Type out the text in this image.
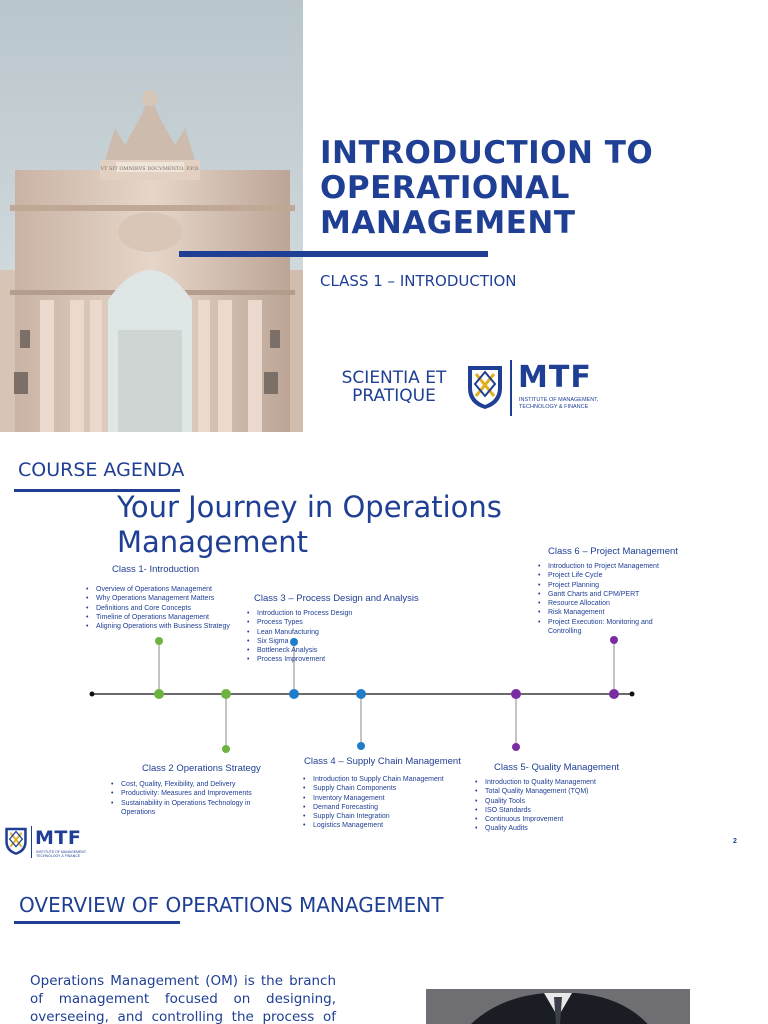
VT SIT OMNIBVS DOCVMENTO. P.P.D.	INTRODUCTION TO OPERATIONAL MANAGEMENT
CLASS 1 – INTRODUCTION
SCIENTIA ET PRATIQUE
MTF
INSTITUTE OF MANAGEMENT, TECHNOLOGY & FINANCE
COURSE AGENDA
Your Journey in Operations Management
Class 1- Introduction
• Overview of Operations Management
• Why Operations Management Matters
• Definitions and Core Concepts
• Timeline of Operations Management
• Aligning Operations with Business Strategy
Class 3 – Process Design and Analysis
• Introduction to Process Design
• Process Types
• Lean Manufacturing
• Six Sigma
• Bottleneck Analysis
• Process Improvement
Class 6 – Project Management
• Introduction to Project Management
• Project Life Cycle
• Project Planning
• Gantt Charts and CPM/PERT
• Resource Allocation
• Risk Management
• Project Execution: Monitoring and Controlling
Class 2 Operations Strategy
• Cost, Quality, Flexibility, and Delivery
• Productivity: Measures and Improvements
• Sustainability in Operations Technology in Operations
Class 4 – Supply Chain Management
• Introduction to Supply Chain Management
• Supply Chain Components
• Inventory Management
• Demand Forecasting
• Supply Chain Integration
• Logistics Management
Class 5- Quality Management
• Introduction to Quality Management
• Total Quality Management (TQM)
• Quality Tools
• ISO Standards
• Continuous Improvement
• Quality Audits
MTF
INSTITUTE OF MANAGEMENT, TECHNOLOGY & FINANCE
2
OVERVIEW OF OPERATIONS MANAGEMENT

Operations Management (OM) is the branch of management focused on designing, overseeing, and controlling the process of
